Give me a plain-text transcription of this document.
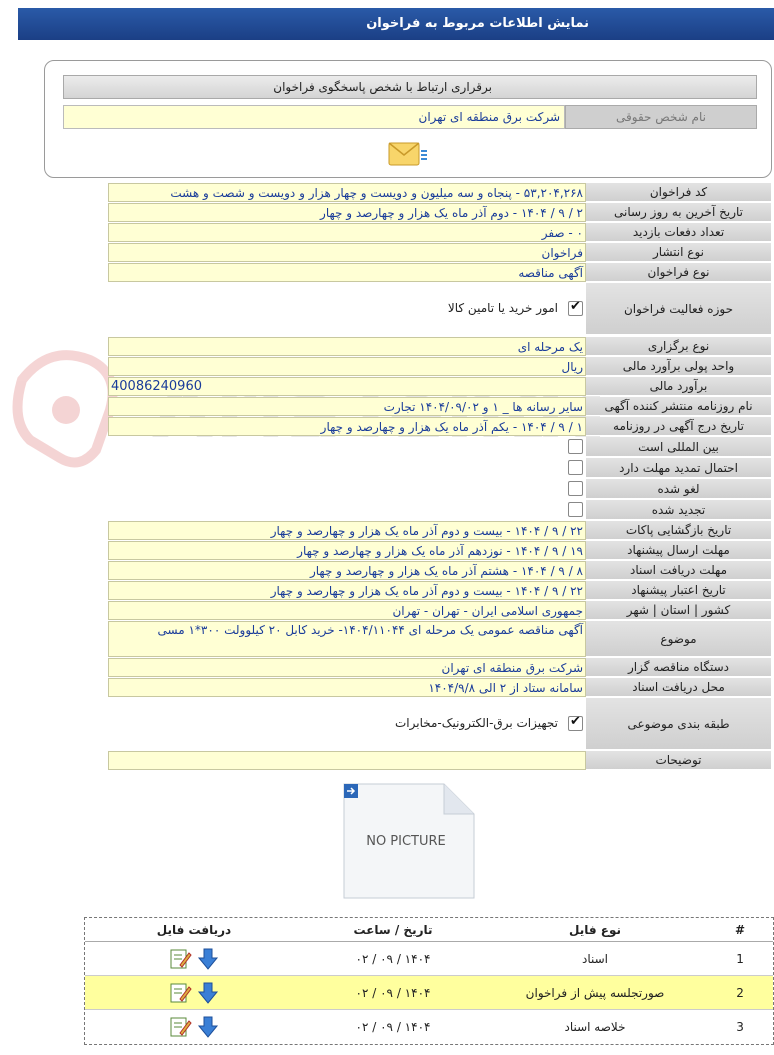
نمایش اطلاعات مربوط به فراخوان
برقراری ارتباط با شخص پاسخگوی فراخوان
نام شخص حقوقی
شرکت برق منطقه ای تهران
کد فراخوان
۵۳,۲۰۴,۲۶۸ - پنجاه و سه میلیون و دویست و چهار هزار و دویست و شصت و هشت
تاریخ آخرین به روز رسانی
۲ / ۹ / ۱۴۰۴ - دوم آذر ماه یک هزار و چهارصد و چهار
تعداد دفعات بازدید
۰ - صفر
نوع انتشار
فراخوان
نوع فراخوان
آگهی مناقصه
حوزه فعالیت فراخوان
✔
امور خرید یا تامین کالا
نوع برگزاری
یک مرحله ای
واحد پولی برآورد مالی
ریال
برآورد مالی
40086240960
نام روزنامه منتشر کننده آگهی
سایر رسانه ها _ ۱ و ۱۴۰۴/۰۹/۰۲ تجارت
تاریخ درج آگهی در روزنامه
۱ / ۹ / ۱۴۰۴ - یکم آذر ماه یک هزار و چهارصد و چهار
بین المللی است
احتمال تمدید مهلت دارد
لغو شده
تجدید شده
تاریخ بازگشایی پاکات
۲۲ / ۹ / ۱۴۰۴ - بیست و دوم آذر ماه یک هزار و چهارصد و چهار
مهلت ارسال پیشنهاد
۱۹ / ۹ / ۱۴۰۴ - نوزدهم آذر ماه یک هزار و چهارصد و چهار
مهلت دریافت اسناد
۸ / ۹ / ۱۴۰۴ - هشتم آذر ماه یک هزار و چهارصد و چهار
تاریخ اعتبار پیشنهاد
۲۲ / ۹ / ۱۴۰۴ - بیست و دوم آذر ماه یک هزار و چهارصد و چهار
کشور | استان | شهر
جمهوری اسلامی ایران - تهران - تهران
موضوع
آگهی مناقصه عمومی یک مرحله ای ۱۴۰۴/۱۱۰۴۴- خرید کابل ۲۰ کیلوولت ۳۰۰*۱ مسی
دستگاه مناقصه گزار
شرکت برق منطقه ای تهران
محل دریافت اسناد
سامانه ستاد از ۲ الی ۱۴۰۴/۹/۸
طبقه بندی موضوعی
✔
تجهیزات برق-الکترونیک-مخابرات
توضیحات
NO PICTURE
#
نوع فایل
تاریخ / ساعت
دریافت فایل
1
اسناد
۱۴۰۴ / ۰۹ / ۰۲
2
صورتجلسه پیش از فراخوان
۱۴۰۴ / ۰۹ / ۰۲
3
خلاصه اسناد
۱۴۰۴ / ۰۹ / ۰۲
